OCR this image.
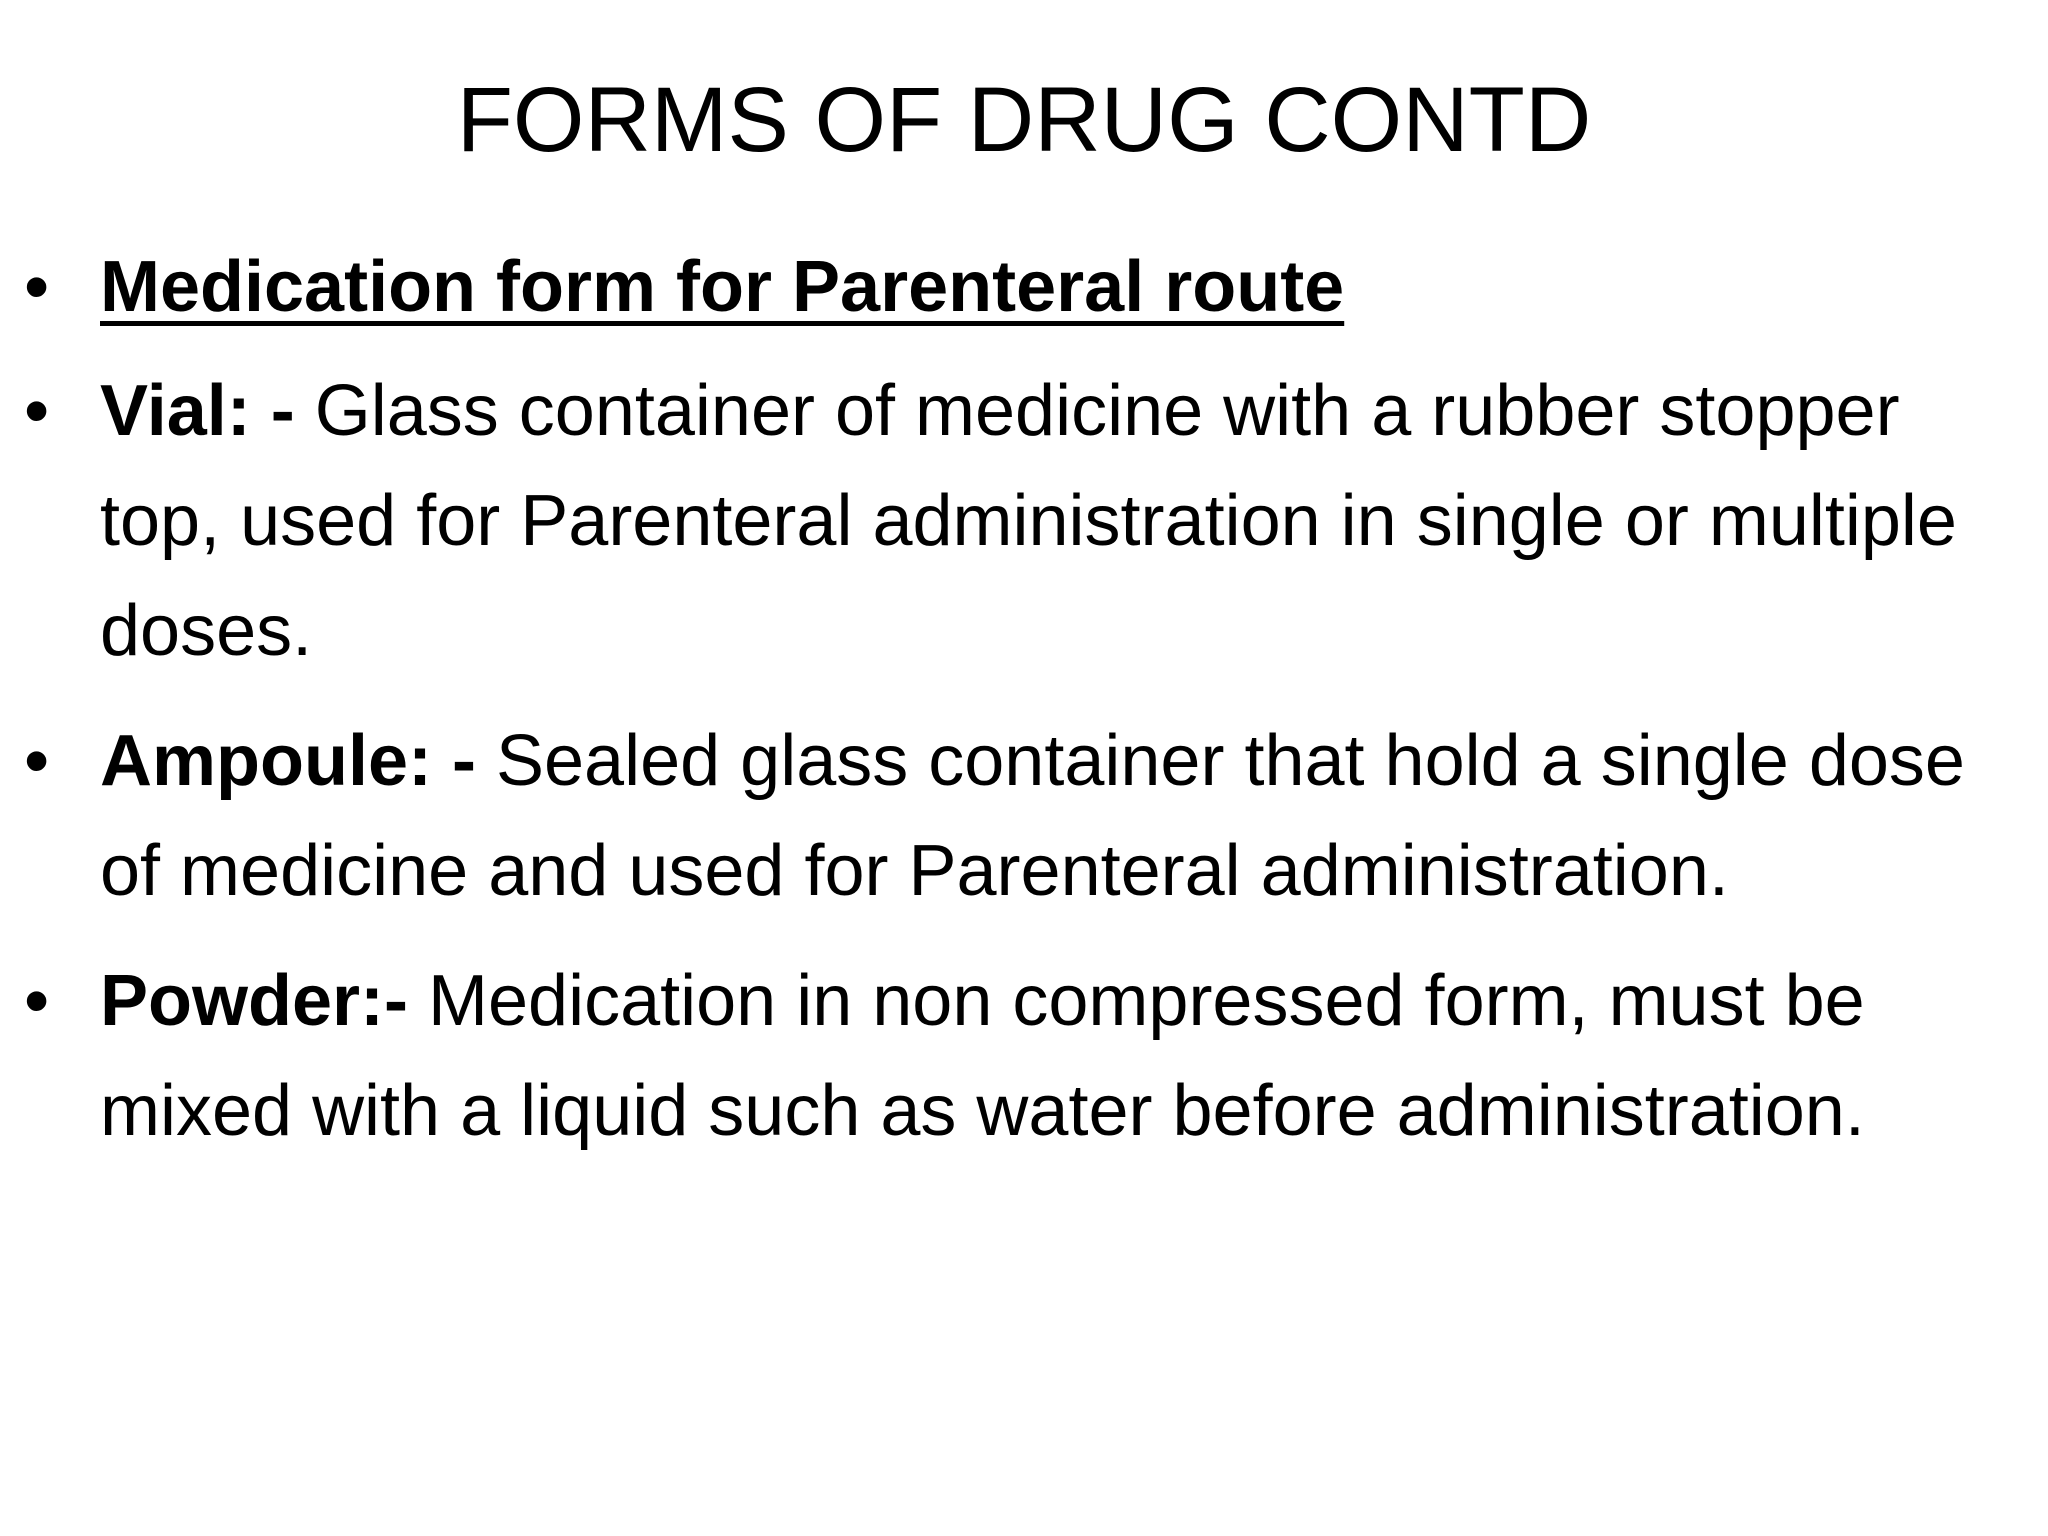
FORMS OF DRUG CONTD
• Medication form for Parenteral route
• Vial: - Glass container of medicine with a rubber stopper top, used for Parenteral administration in single or multiple doses.
• Ampoule: - Sealed glass container that hold a single dose of medicine and used for Parenteral administration.
• Powder:- Medication in non compressed form, must be mixed with a liquid such as water before administration.
